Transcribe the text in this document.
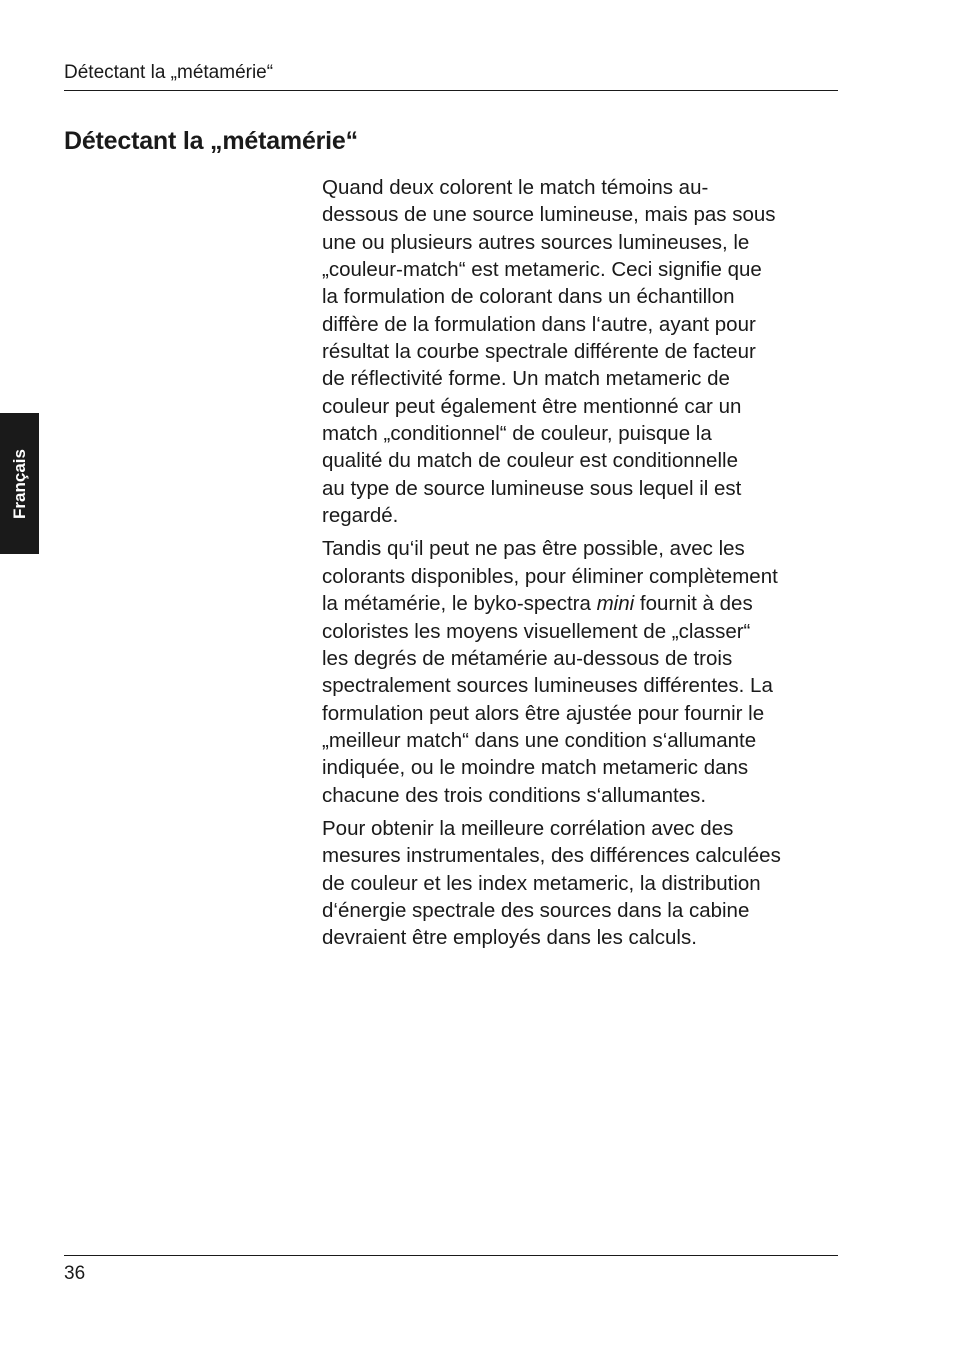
Détectant la „métamérie“
Détectant la „métamérie“
Français

Quand deux colorent le match témoins au-
dessous de une source lumineuse, mais pas sous
une ou plusieurs autres sources lumineuses, le
„couleur-match“ est metameric. Ceci signifie que
la formulation de colorant dans un échantillon
diffère de la formulation dans l‘autre, ayant pour
résultat la courbe spectrale différente de facteur
de réflectivité forme. Un match metameric de
couleur peut également être mentionné car un
match „conditionnel“ de couleur, puisque la
qualité du match de couleur est conditionnelle
au type de source lumineuse sous lequel il est
regardé.

Tandis qu‘il peut ne pas être possible, avec les
colorants disponibles, pour éliminer complètement
la métamérie, le byko-spectra mini fournit à des
coloristes les moyens visuellement de „classer“
les degrés de métamérie au-dessous de trois
spectralement sources lumineuses différentes. La
formulation peut alors être ajustée pour fournir le
„meilleur match“ dans une condition s‘allumante
indiquée, ou le moindre match metameric dans
chacune des trois conditions s‘allumantes.

Pour obtenir la meilleure corrélation avec des
mesures instrumentales, des différences calculées
de couleur et les index metameric, la distribution
d‘énergie spectrale des sources dans la cabine
devraient être employés dans les calculs.

36
